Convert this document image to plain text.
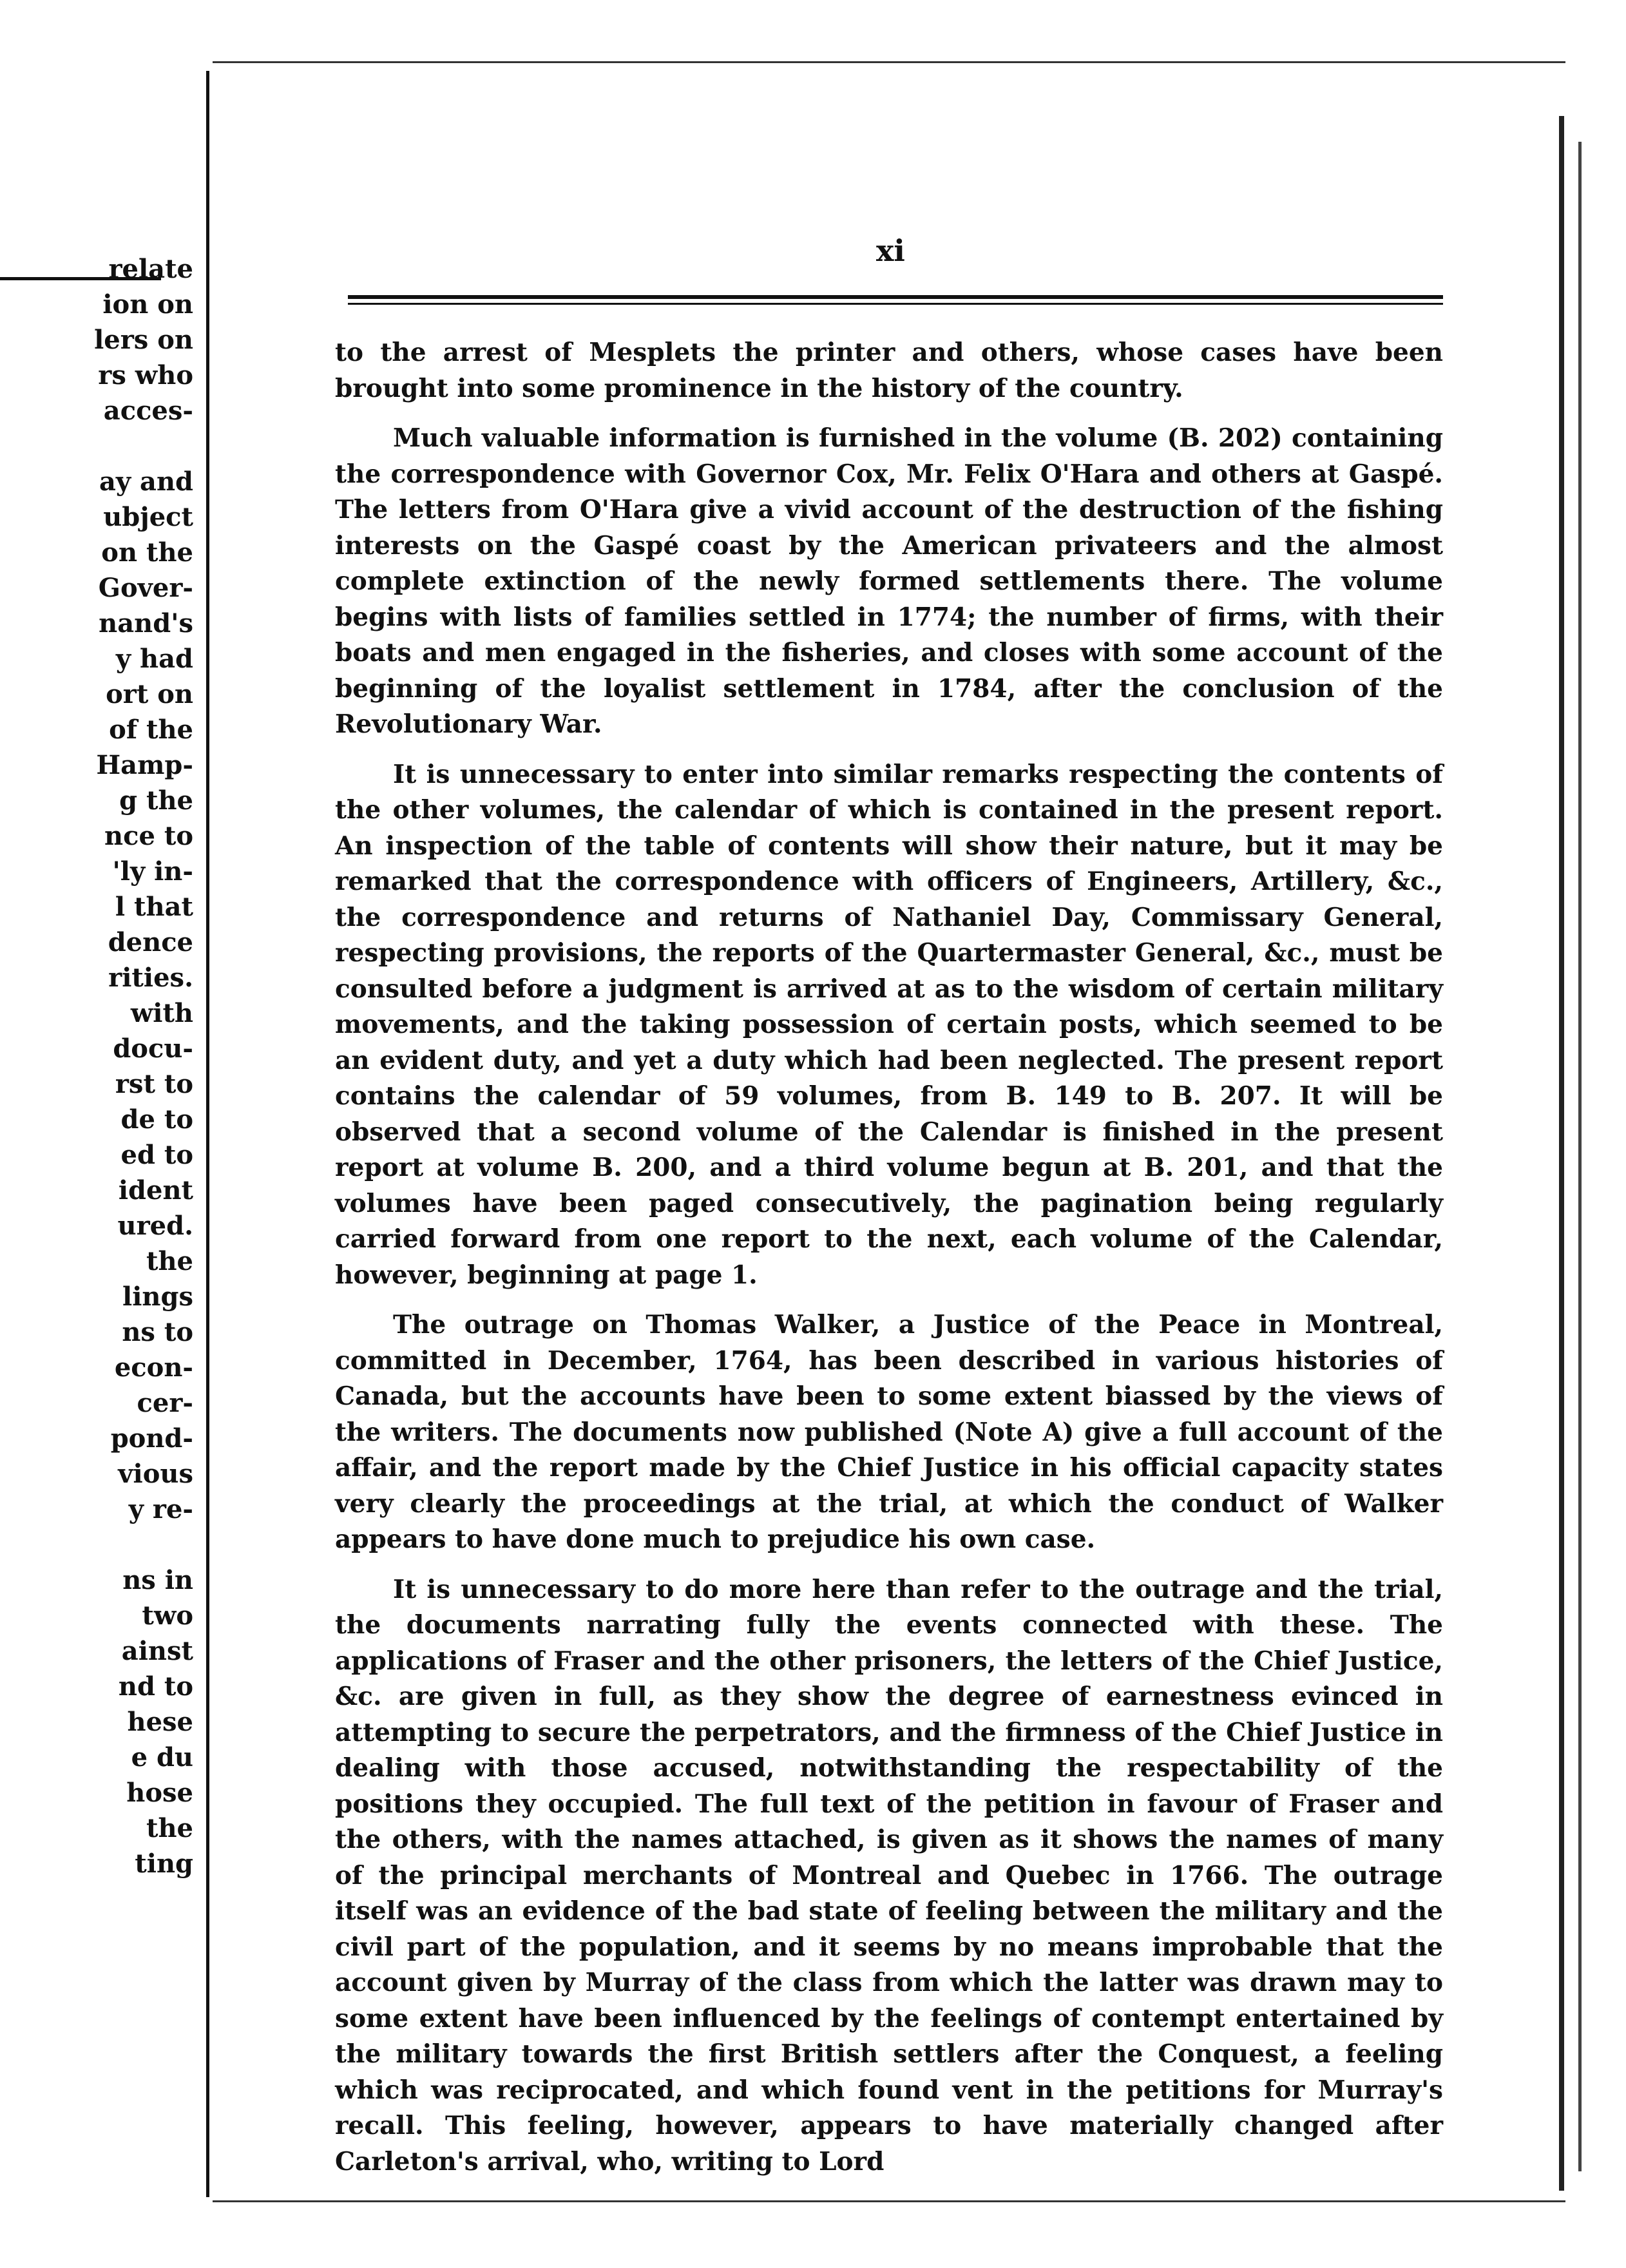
relate
ion on
lers on
rs who
acces-
ay and
ubject
on the
Gover-
nand's
y had
ort on
of the
Hamp-
g the
nce to
'ly in-
l that
dence
rities.
with
docu-
rst to
de to
ed to
ident
ured.
the
lings
ns to
econ-
cer-
pond-
vious
y re-
ns in
two
ainst
nd to
hese
e du
hose
the
ting
xi

to the arrest of Mesplets the printer and others, whose cases have been brought into some prominence in the history of the country.

Much valuable information is furnished in the volume (B. 202) containing the correspondence with Governor Cox, Mr. Felix O'Hara and others at Gaspé. The letters from O'Hara give a vivid account of the destruction of the fishing interests on the Gaspé coast by the American privateers and the almost complete extinction of the newly formed settlements there. The volume begins with lists of families settled in 1774; the number of firms, with their boats and men engaged in the fisheries, and closes with some account of the beginning of the loyalist settlement in 1784, after the conclusion of the Revolutionary War.

It is unnecessary to enter into similar remarks respecting the contents of the other volumes, the calendar of which is contained in the present report. An inspection of the table of contents will show their nature, but it may be remarked that the correspondence with officers of Engineers, Artillery, &c., the correspondence and returns of Nathaniel Day, Commissary General, respecting provisions, the reports of the Quartermaster General, &c., must be consulted before a judgment is arrived at as to the wisdom of certain military movements, and the taking possession of certain posts, which seemed to be an evident duty, and yet a duty which had been neglected. The present report contains the calendar of 59 volumes, from B. 149 to B. 207. It will be observed that a second volume of the Calendar is finished in the present report at volume B. 200, and a third volume begun at B. 201, and that the volumes have been paged consecutively, the pagination being regularly carried forward from one report to the next, each volume of the Calendar, however, beginning at page 1.

The outrage on Thomas Walker, a Justice of the Peace in Montreal, committed in December, 1764, has been described in various histories of Canada, but the accounts have been to some extent biassed by the views of the writers. The documents now published (Note A) give a full account of the affair, and the report made by the Chief Justice in his official capacity states very clearly the proceedings at the trial, at which the conduct of Walker appears to have done much to prejudice his own case.

It is unnecessary to do more here than refer to the outrage and the trial, the documents narrating fully the events connected with these. The applications of Fraser and the other prisoners, the letters of the Chief Justice, &c. are given in full, as they show the degree of earnestness evinced in attempting to secure the perpetrators, and the firmness of the Chief Justice in dealing with those accused, notwithstanding the respectability of the positions they occupied. The full text of the petition in favour of Fraser and the others, with the names attached, is given as it shows the names of many of the principal merchants of Montreal and Quebec in 1766. The outrage itself was an evidence of the bad state of feeling between the military and the civil part of the population, and it seems by no means improbable that the account given by Murray of the class from which the latter was drawn may to some extent have been influenced by the feelings of contempt entertained by the military towards the first British settlers after the Conquest, a feeling which was reciprocated, and which found vent in the petitions for Murray's recall. This feeling, however, appears to have materially changed after Carleton's arrival, who, writing to Lord
